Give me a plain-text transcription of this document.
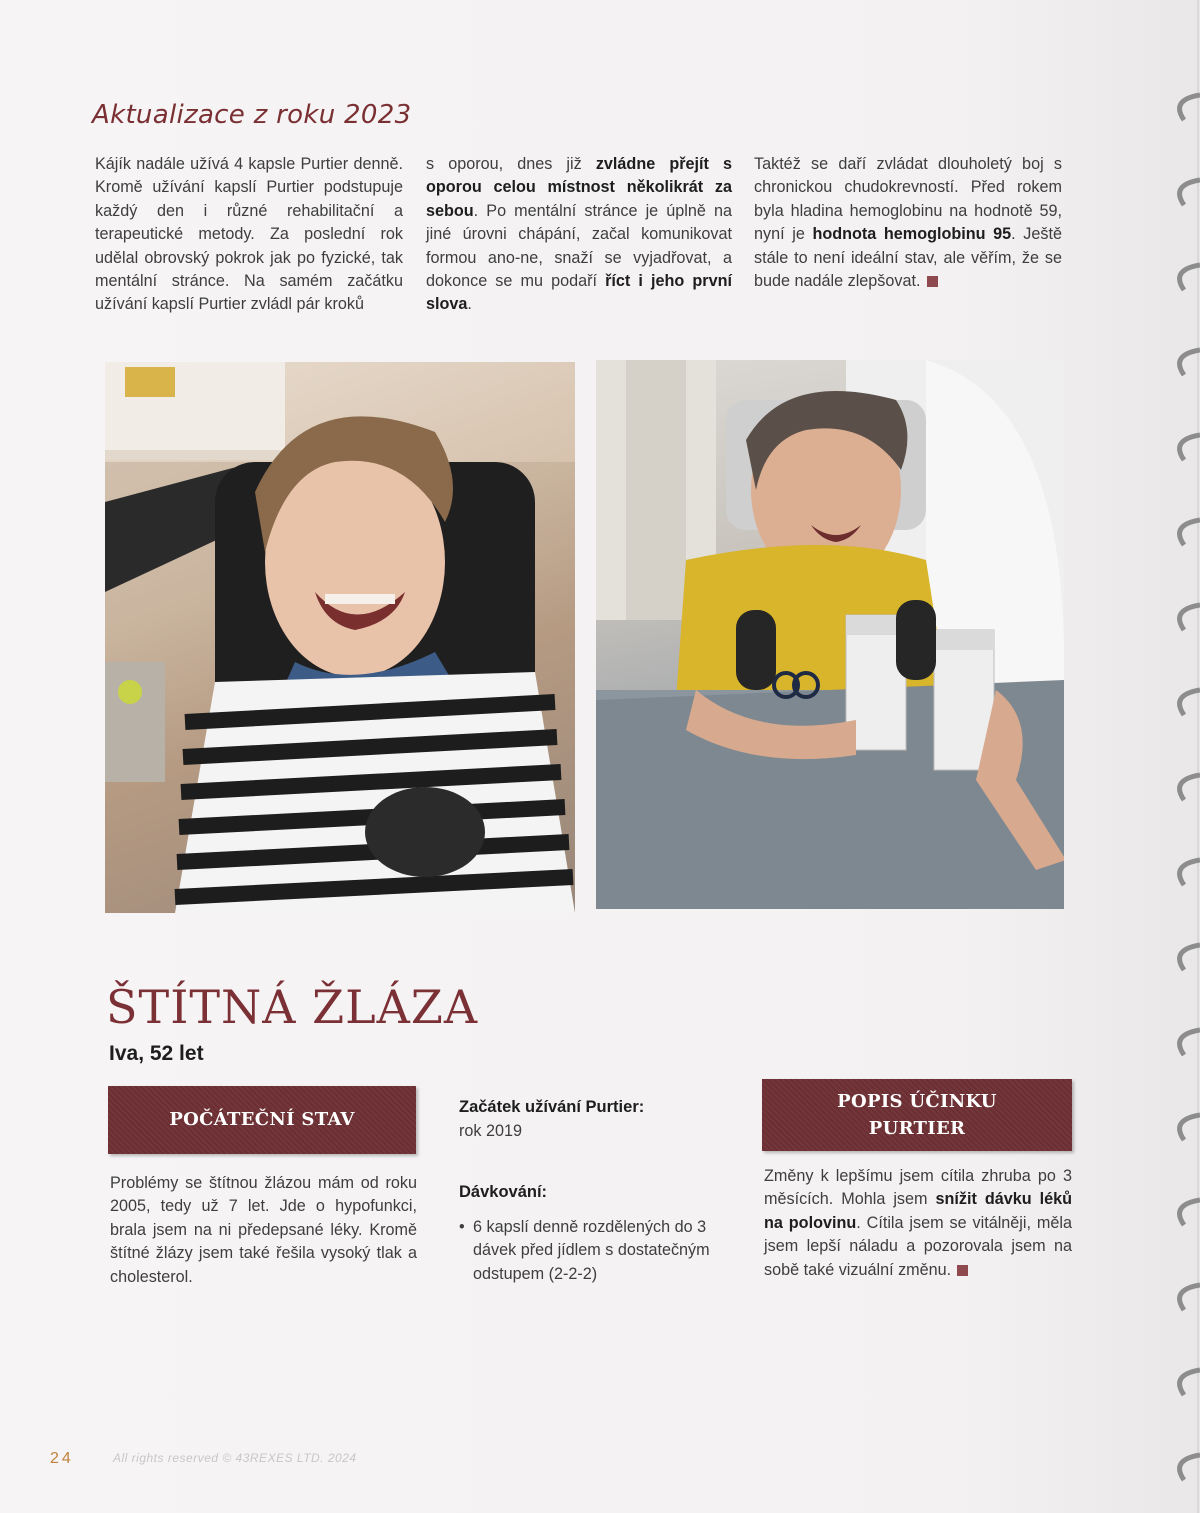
Aktualizace z roku 2023

Kájík nadále užívá 4 kapsle Purtier denně. Kromě užívání kapslí Purtier podstupuje každý den i různé rehabilitační a terapeutické metody. Za poslední rok udělal obrovský pokrok jak po fyzické, tak mentální stránce. Na samém začátku užívání kapslí Purtier zvládl pár kroků

s oporou, dnes již zvládne přejít s oporou celou místnost několikrát za sebou. Po mentální stránce je úplně na jiné úrovni chápání, začal komunikovat formou ano-ne, snaží se vyjadřovat, a dokonce se mu podaří říct i jeho první slova.

Taktéž se daří zvládat dlouholetý boj s chronickou chudokrevností. Před rokem byla hladina hemoglobinu na hodnotě 59, nyní je hodnota hemoglobinu 95. Ještě stále to není ideální stav, ale věřím, že se bude nadále zlepšovat.

ŠTÍTNÁ ŽLÁZA

Iva, 52 let

POČÁTEČNÍ STAV

Problémy se štítnou žlázou mám od roku 2005, tedy už 7 let. Jde o hypofunkci, brala jsem na ni předepsané léky. Kromě štítné žlázy jsem také řešila vysoký tlak a cholesterol.

Začátek užívání Purtier:

rok 2019

Dávkování:

• 6 kapslí denně rozdělených do 3 dávek před jídlem s dostatečným odstupem (2-2-2)
POPIS ÚČINKU
PURTIER

Změny k lepšímu jsem cítila zhruba po 3 měsících. Mohla jsem snížit dávku léků na polovinu. Cítila jsem se vitálněji, měla jsem lepší náladu a pozorovala jsem na sobě také vizuální změnu.

24	All rights reserved © 43REXES LTD. 2024
